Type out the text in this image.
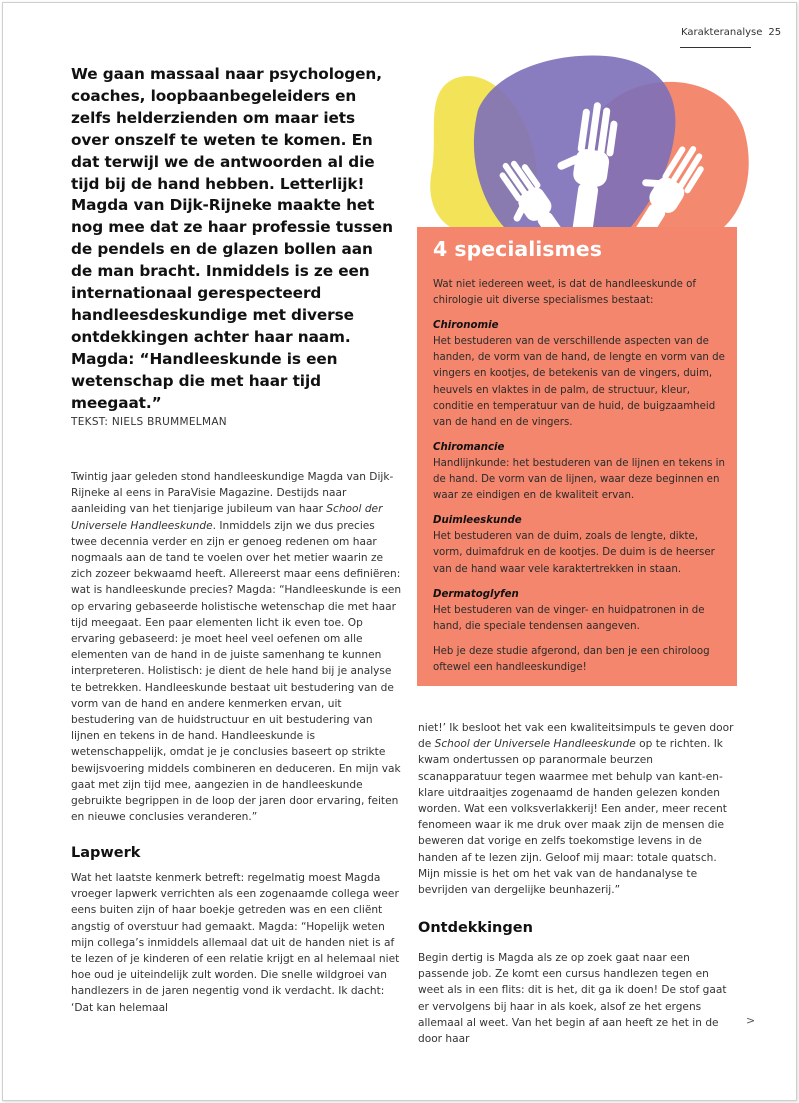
Karakteranalyse 25

We gaan massaal naar psychologen, coaches, loopbaanbegeleiders en zelfs helderzienden om maar iets over onszelf te weten te komen. En dat terwijl we de antwoorden al die tijd bij de hand hebben. Letterlijk! Magda van Dijk-Rijneke maakte het nog mee dat ze haar professie tussen de pendels en de glazen bollen aan de man bracht. Inmiddels is ze een internationaal gerespecteerd handleesdeskundige met diverse ontdekkingen achter haar naam. Magda: “Handleeskunde is een wetenschap die met haar tijd meegaat.”

TEKST: NIELS BRUMMELMAN

Twintig jaar geleden stond handleeskundige Magda van Dijk-Rijneke al eens in ParaVisie Magazine. Destijds naar aanleiding van het tienjarige jubileum van haar School der Universele Handleeskunde. Inmiddels zijn we dus precies twee decennia verder en zijn er genoeg redenen om haar nogmaals aan de tand te voelen over het metier waarin ze zich zozeer bekwaamd heeft. Allereerst maar eens definiëren: wat is handleeskunde precies? Magda: “Handleeskunde is een op ervaring gebaseerde holistische wetenschap die met haar tijd meegaat. Een paar elementen licht ik even toe. Op ervaring gebaseerd: je moet heel veel oefenen om alle elementen van de hand in de juiste samenhang te kunnen interpreteren. Holistisch: je dient de hele hand bij je analyse te betrekken. Handleeskunde bestaat uit bestudering van de vorm van de hand en andere kenmerken ervan, uit bestudering van de huidstructuur en uit bestudering van lijnen en tekens in de hand. Handleeskunde is wetenschappelijk, omdat je je conclusies baseert op strikte bewijsvoering middels combineren en deduceren. En mijn vak gaat met zijn tijd mee, aangezien in de handleeskunde gebruikte begrippen in de loop der jaren door ervaring, feiten en nieuwe conclusies veranderen.”

Lapwerk

Wat het laatste kenmerk betreft: regelmatig moest Magda vroeger lapwerk verrichten als een zogenaamde collega weer eens buiten zijn of haar boekje getreden was en een cliënt angstig of overstuur had gemaakt. Magda: “Hopelijk weten mijn collega’s inmiddels allemaal dat uit de handen niet is af te lezen of je kinderen of een relatie krijgt en al helemaal niet hoe oud je uiteindelijk zult worden. Die snelle wildgroei van handlezers in de jaren negentig vond ik verdacht. Ik dacht: ‘Dat kan helemaal

4 specialismes

Wat niet iedereen weet, is dat de handleeskunde of chirologie uit diverse specialismes bestaat:

Chironomie
Het bestuderen van de verschillende aspecten van de handen, de vorm van de hand, de lengte en vorm van de vingers en kootjes, de betekenis van de vingers, duim, heuvels en vlaktes in de palm, de structuur, kleur, conditie en temperatuur van de huid, de buigzaamheid van de hand en de vingers.

Chiromancie
Handlijnkunde: het bestuderen van de lijnen en tekens in de hand. De vorm van de lijnen, waar deze beginnen en waar ze eindigen en de kwaliteit ervan.

Duimleeskunde
Het bestuderen van de duim, zoals de lengte, dikte, vorm, duimafdruk en de kootjes. De duim is de heerser van de hand waar vele karaktertrekken in staan.

Dermatoglyfen
Het bestuderen van de vinger- en huidpatronen in de hand, die speciale tendensen aangeven.

Heb je deze studie afgerond, dan ben je een chiroloog oftewel een handleeskundige!

niet!’ Ik besloot het vak een kwaliteitsimpuls te geven door de School der Universele Handleeskunde op te richten. Ik kwam ondertussen op paranormale beurzen scanapparatuur tegen waarmee met behulp van kant-en-klare uitdraaitjes zogenaamd de handen gelezen konden worden. Wat een volksverlakkerij! Een ander, meer recent fenomeen waar ik me druk over maak zijn de mensen die beweren dat vorige en zelfs toekomstige levens in de handen af te lezen zijn. Geloof mij maar: totale quatsch. Mijn missie is het om het vak van de handanalyse te bevrijden van dergelijke beunhazerij.”

Ontdekkingen

Begin dertig is Magda als ze op zoek gaat naar een passende job. Ze komt een cursus handlezen tegen en weet als in een flits: dit is het, dit ga ik doen! De stof gaat er vervolgens bij haar in als koek, alsof ze het ergens allemaal al weet. Van het begin af aan heeft ze het in de door haar

>
